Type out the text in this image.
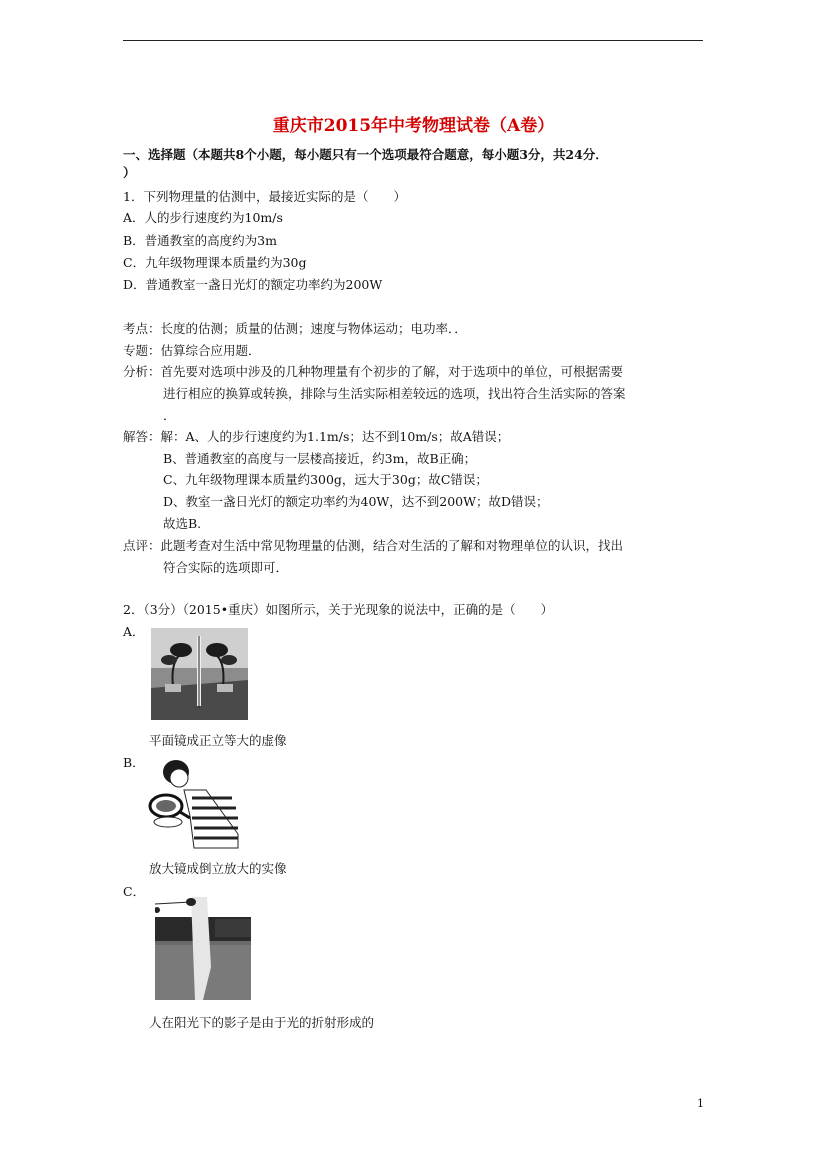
重庆市2015年中考物理试卷（A卷）
一、选择题（本题共8个小题，每小题只有一个选项最符合题意，每小题3分，共24分．
）
1．下列物理量的估测中，最接近实际的是（　　）
A．人的步行速度约为10m/s
B．普通教室的高度约为3m
C．九年级物理课本质量约为30g
D．普通教室一盏日光灯的额定功率约为200W
考点：长度的估测；质量的估测；速度与物体运动；电功率．．
专题：估算综合应用题．
分析：首先要对选项中涉及的几种物理量有个初步的了解，对于选项中的单位，可根据需要
进行相应的换算或转换，排除与生活实际相差较远的选项，找出符合生活实际的答案
．
解答：解：A、人的步行速度约为1.1m/s；达不到10m/s；故A错误；
B、普通教室的高度与一层楼高接近，约3m，故B正确；
C、九年级物理课本质量约300g，远大于30g；故C错误；
D、教室一盏日光灯的额定功率约为40W，达不到200W；故D错误；
故选B.
点评：此题考查对生活中常见物理量的估测，结合对生活的了解和对物理单位的认识，找出
符合实际的选项即可．
2．（3分）（2015•重庆）如图所示，关于光现象的说法中，正确的是（　　）
A．
平面镜成正立等大的虚像
B．
放大镜成倒立放大的实像
C．
人在阳光下的影子是由于光的折射形成的
1
